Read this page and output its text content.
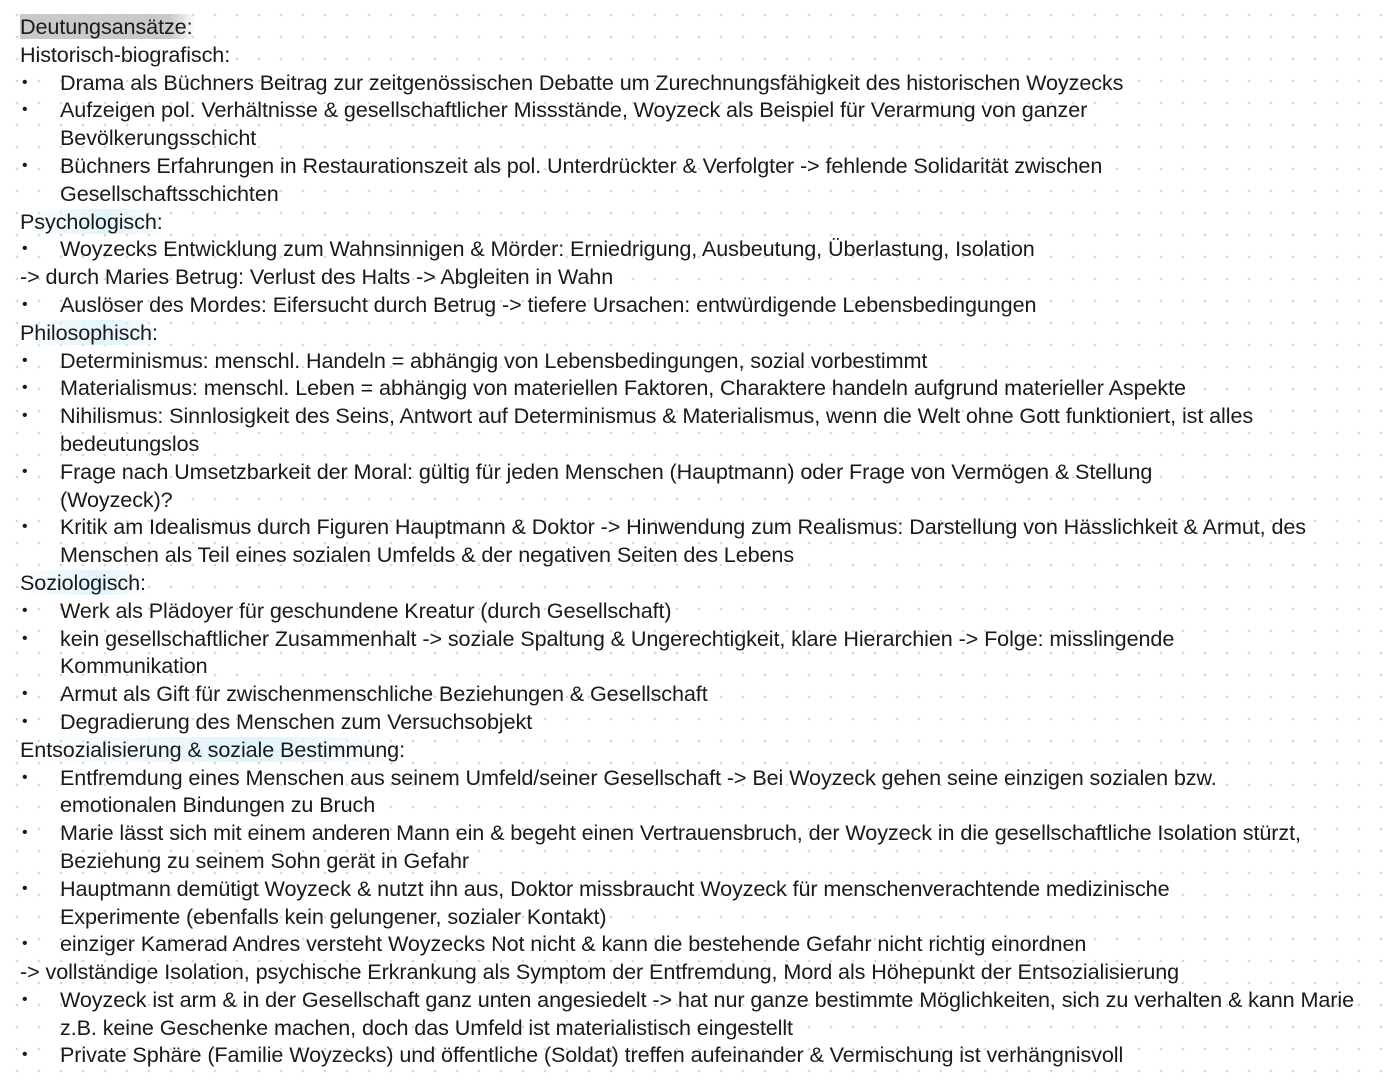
Deutungsansätze:
Historisch-biografisch:
•	Drama als Büchners Beitrag zur zeitgenössischen Debatte um Zurechnungsfähigkeit des historischen Woyzecks
•	Aufzeigen pol. Verhältnisse & gesellschaftlicher Missstände, Woyzeck als Beispiel für Verarmung von ganzer Bevölkerungsschicht
•	Büchners Erfahrungen in Restaurationszeit als pol. Unterdrückter & Verfolgter -> fehlende Solidarität zwischen Gesellschaftsschichten
Psychologisch:
•	Woyzecks Entwicklung zum Wahnsinnigen & Mörder: Erniedrigung, Ausbeutung, Überlastung, Isolation
-> durch Maries Betrug: Verlust des Halts -> Abgleiten in Wahn
•	Auslöser des Mordes: Eifersucht durch Betrug -> tiefere Ursachen: entwürdigende Lebensbedingungen
Philosophisch:
•	Determinismus: menschl. Handeln = abhängig von Lebensbedingungen, sozial vorbestimmt
•	Materialismus: menschl. Leben = abhängig von materiellen Faktoren, Charaktere handeln aufgrund materieller Aspekte
•	Nihilismus: Sinnlosigkeit des Seins, Antwort auf Determinismus & Materialismus, wenn die Welt ohne Gott funktioniert, ist alles bedeutungslos
•	Frage nach Umsetzbarkeit der Moral: gültig für jeden Menschen (Hauptmann) oder Frage von Vermögen & Stellung (Woyzeck)?
•	Kritik am Idealismus durch Figuren Hauptmann & Doktor -> Hinwendung zum Realismus: Darstellung von Hässlichkeit & Armut, des Menschen als Teil eines sozialen Umfelds & der negativen Seiten des Lebens
Soziologisch:
•	Werk als Plädoyer für geschundene Kreatur (durch Gesellschaft)
•	kein gesellschaftlicher Zusammenhalt -> soziale Spaltung & Ungerechtigkeit, klare Hierarchien -> Folge: misslingende Kommunikation
•	Armut als Gift für zwischenmenschliche Beziehungen & Gesellschaft
•	Degradierung des Menschen zum Versuchsobjekt
Entsozialisierung & soziale Bestimmung:
•	Entfremdung eines Menschen aus seinem Umfeld/seiner Gesellschaft -> Bei Woyzeck gehen seine einzigen sozialen bzw. emotionalen Bindungen zu Bruch
•	Marie lässt sich mit einem anderen Mann ein & begeht einen Vertrauensbruch, der Woyzeck in die gesellschaftliche Isolation stürzt, Beziehung zu seinem Sohn gerät in Gefahr
•	Hauptmann demütigt Woyzeck & nutzt ihn aus, Doktor missbraucht Woyzeck für menschenverachtende medizinische Experimente (ebenfalls kein gelungener, sozialer Kontakt)
•	einziger Kamerad Andres versteht Woyzecks Not nicht & kann die bestehende Gefahr nicht richtig einordnen
-> vollständige Isolation, psychische Erkrankung als Symptom der Entfremdung, Mord als Höhepunkt der Entsozialisierung
•	Woyzeck ist arm & in der Gesellschaft ganz unten angesiedelt -> hat nur ganze bestimmte Möglichkeiten, sich zu verhalten & kann Marie z.B. keine Geschenke machen, doch das Umfeld ist materialistisch eingestellt
•	Private Sphäre (Familie Woyzecks) und öffentliche (Soldat) treffen aufeinander & Vermischung ist verhängnisvoll
